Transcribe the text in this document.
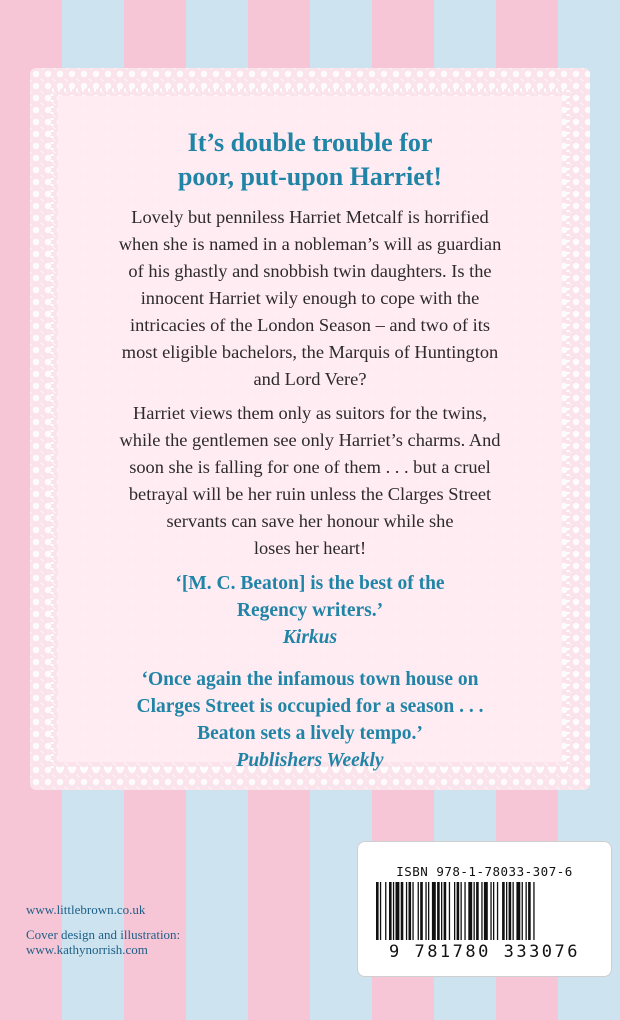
It’s double trouble for
poor, put-upon Harriet!
Lovely but penniless Harriet Metcalf is horrified
when she is named in a nobleman’s will as guardian
of his ghastly and snobbish twin daughters. Is the
innocent Harriet wily enough to cope with the
intricacies of the London Season – and two of its
most eligible bachelors, the Marquis of Huntington
and Lord Vere?
Harriet views them only as suitors for the twins,
while the gentlemen see only Harriet’s charms. And
soon she is falling for one of them . . . but a cruel
betrayal will be her ruin unless the Clarges Street
servants can save her honour while she
loses her heart!
‘[M. C. Beaton] is the best of the
Regency writers.’
Kirkus
‘Once again the infamous town house on
Clarges Street is occupied for a season . . .
Beaton sets a lively tempo.’
Publishers Weekly
www.littlebrown.co.uk
Cover design and illustration:
www.kathynorrish.com
ISBN 978-1-78033-307-6
9 781780 333076
